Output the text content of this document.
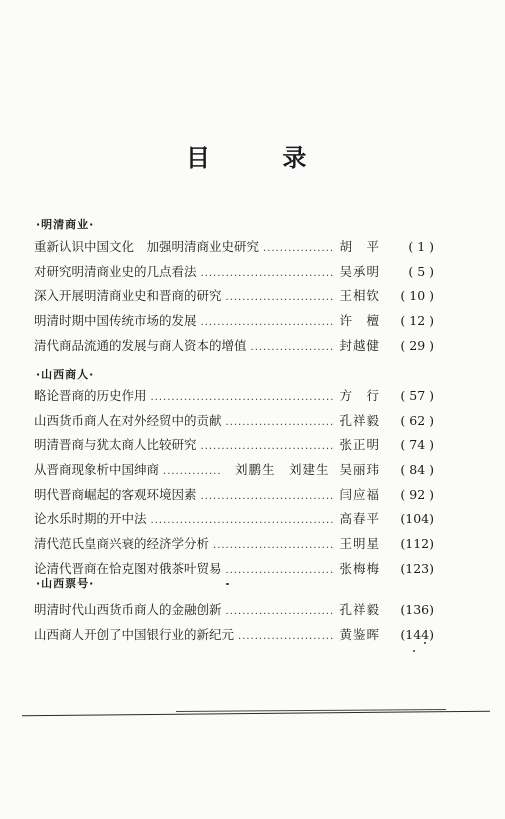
目 录
·明清商业·
重新认识中国文化　加强明清商业史研究 .....	胡　平	( 1 )
对研究明清商业史的几点看法 .....	吴承明	( 5 )
深入开展明清商业史和晋商的研究 .....	王相钦	( 10 )
明清时期中国传统市场的发展 .....	许　檀	( 12 )
清代商品流通的发展与商人资本的增值 .....	封越健	( 29 )
·山西商人·
略论晋商的历史作用 .....	方　行	( 57 )
山西货币商人在对外经贸中的贡献 .....	孔祥毅	( 62 )
明清晋商与犹太商人比较研究 .....	张正明	( 74 )
从晋商现象析中国绅商 .....	刘鹏生　刘建生 吴丽玮	( 84 )
明代晋商崛起的客观环境因素 .....	闫应福	( 92 )
论水乐时期的开中法 .....	高春平	(104)
清代范氏皇商兴衰的经济学分析 .....	王明星	(112)
论清代晋商在恰克图对俄茶叶贸易 .....	张梅梅	(123)
·山西票号·
明清时代山西货币商人的金融创新 .....	孔祥毅	(136)
山西商人开创了中国银行业的新纪元 .....	黄鉴晖	(144)
